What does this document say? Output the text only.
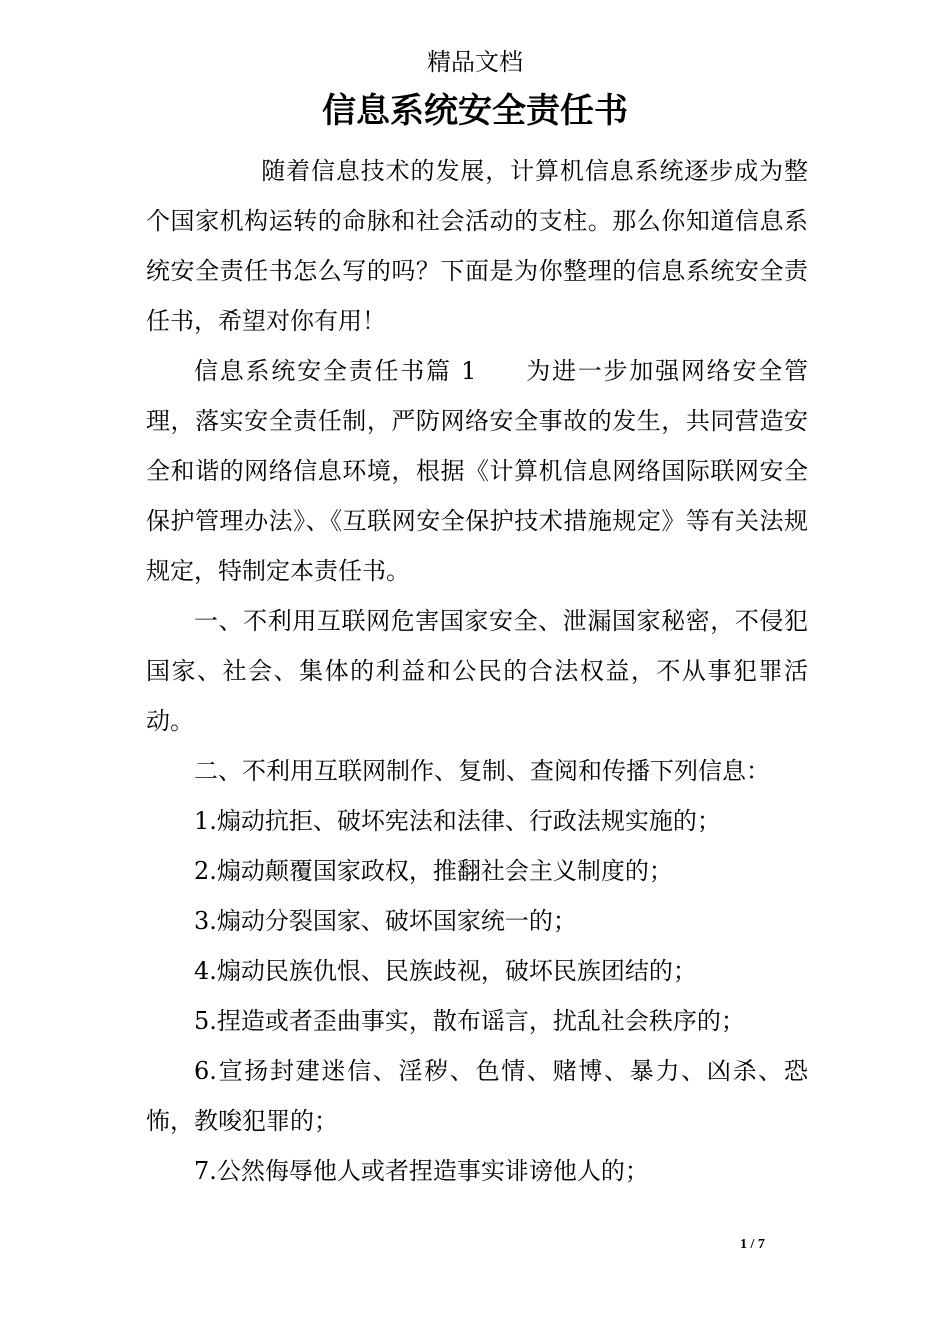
精品文档
信息系统安全责任书

随着信息技术的发展，计算机信息系统逐步成为整个国家机构运转的命脉和社会活动的支柱。那么你知道信息系统安全责任书怎么写的吗？下面是为你整理的信息系统安全责任书，希望对你有用！

信息系统安全责任书篇 1 为进一步加强网络安全管理，落实安全责任制，严防网络安全事故的发生，共同营造安全和谐的网络信息环境，根据《计算机信息网络国际联网安全保护管理办法》、《互联网安全保护技术措施规定》等有关法规规定，特制定本责任书。

一、不利用互联网危害国家安全、泄漏国家秘密，不侵犯国家、社会、集体的利益和公民的合法权益，不从事犯罪活动。

二、不利用互联网制作、复制、查阅和传播下列信息：

1.煽动抗拒、破坏宪法和法律、行政法规实施的；

2.煽动颠覆国家政权，推翻社会主义制度的；

3.煽动分裂国家、破坏国家统一的；

4.煽动民族仇恨、民族歧视，破坏民族团结的；

5.捏造或者歪曲事实，散布谣言，扰乱社会秩序的；

6.宣扬封建迷信、淫秽、色情、赌博、暴力、凶杀、恐怖，教唆犯罪的；

7.公然侮辱他人或者捏造事实诽谤他人的；

1 / 7
